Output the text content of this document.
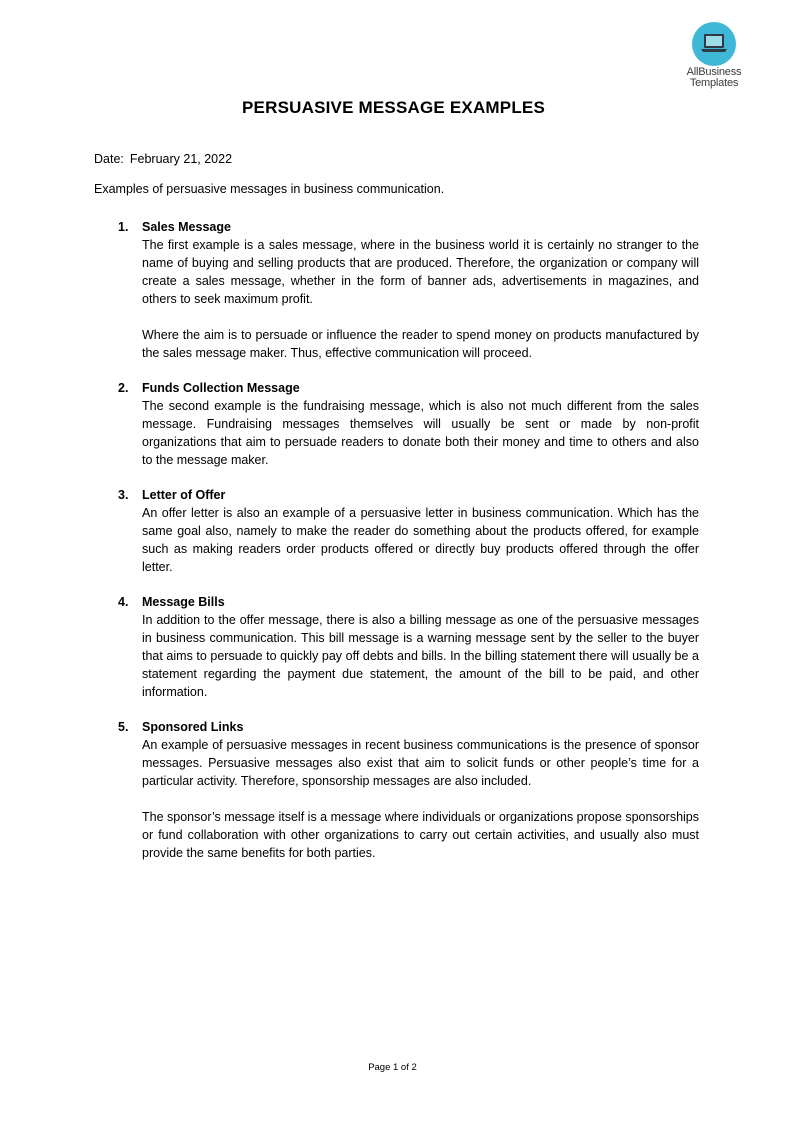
AllBusiness
Templates
PERSUASIVE MESSAGE EXAMPLES
Date: February 21, 2022
Examples of persuasive messages in business communication.
1. Sales Message

The first example is a sales message, where in the business world it is certainly no stranger to the name of buying and selling products that are produced. Therefore, the organization or company will create a sales message, whether in the form of banner ads, advertisements in magazines, and others to seek maximum profit.

Where the aim is to persuade or influence the reader to spend money on products manufactured by the sales message maker. Thus, effective communication will proceed.

2. Funds Collection Message

The second example is the fundraising message, which is also not much different from the sales message. Fundraising messages themselves will usually be sent or made by non-profit organizations that aim to persuade readers to donate both their money and time to others and also to the message maker.

3. Letter of Offer

An offer letter is also an example of a persuasive letter in business communication. Which has the same goal also, namely to make the reader do something about the products offered, for example such as making readers order products offered or directly buy products offered through the offer letter.

4. Message Bills

In addition to the offer message, there is also a billing message as one of the persuasive messages in business communication. This bill message is a warning message sent by the seller to the buyer that aims to persuade to quickly pay off debts and bills. In the billing statement there will usually be a statement regarding the payment due statement, the amount of the bill to be paid, and other information.

5. Sponsored Links

An example of persuasive messages in recent business communications is the presence of sponsor messages. Persuasive messages also exist that aim to solicit funds or other people’s time for a particular activity. Therefore, sponsorship messages are also included.

The sponsor’s message itself is a message where individuals or organizations propose sponsorships or fund collaboration with other organizations to carry out certain activities, and usually also must provide the same benefits for both parties.

Page 1 of 2
